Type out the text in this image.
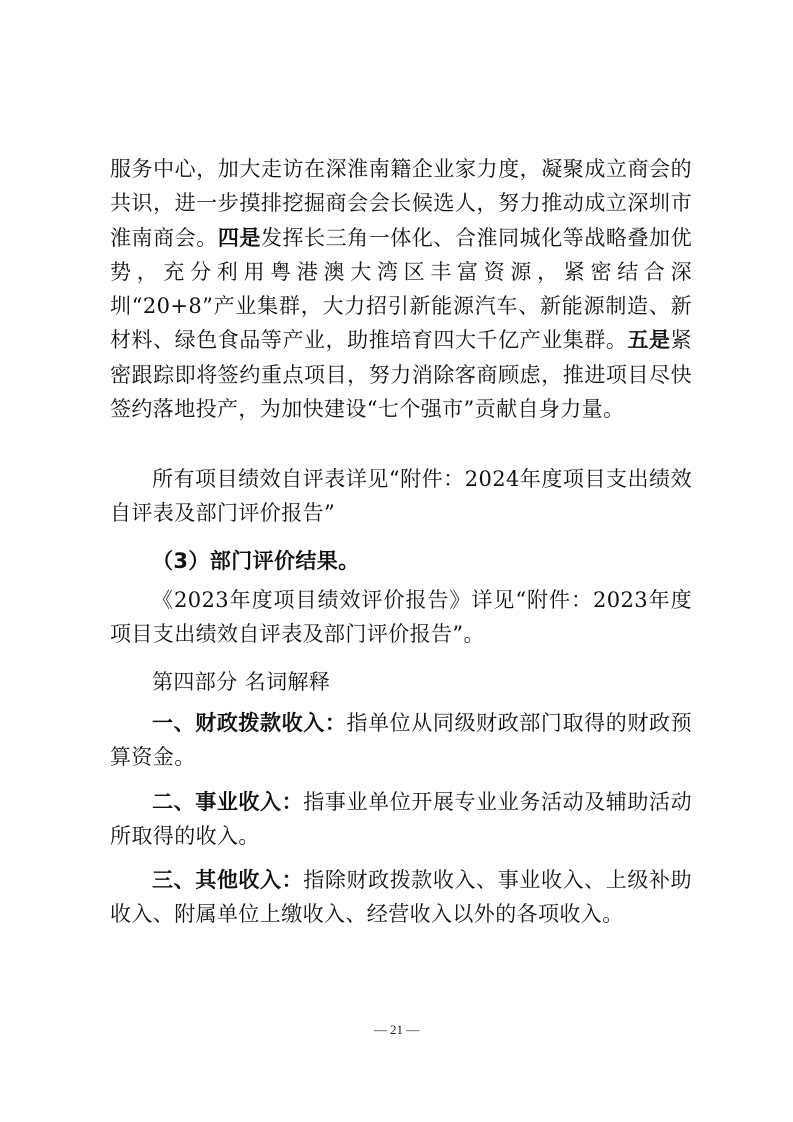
服务中心，加大走访在深淮南籍企业家力度，凝聚成立商会的共识，进一步摸排挖掘商会会长候选人，努力推动成立深圳市淮南商会。四是发挥长三角一体化、合淮同城化等战略叠加优势，充分利用粤港澳大湾区丰富资源，紧密结合深圳“20+8”产业集群，大力招引新能源汽车、新能源制造、新材料、绿色食品等产业，助推培育四大千亿产业集群。五是紧密跟踪即将签约重点项目，努力消除客商顾虑，推进项目尽快签约落地投产，为加快建设“七个强市”贡献自身力量。

所有项目绩效自评表详见“附件：2024年度项目支出绩效自评表及部门评价报告”

（3）部门评价结果。

《2023年度项目绩效评价报告》详见“附件：2023年度项目支出绩效自评表及部门评价报告”。

第四部分 名词解释

一、财政拨款收入：指单位从同级财政部门取得的财政预算资金。

二、事业收入：指事业单位开展专业业务活动及辅助活动所取得的收入。

三、其他收入：指除财政拨款收入、事业收入、上级补助收入、附属单位上缴收入、经营收入以外的各项收入。

— 21 —
